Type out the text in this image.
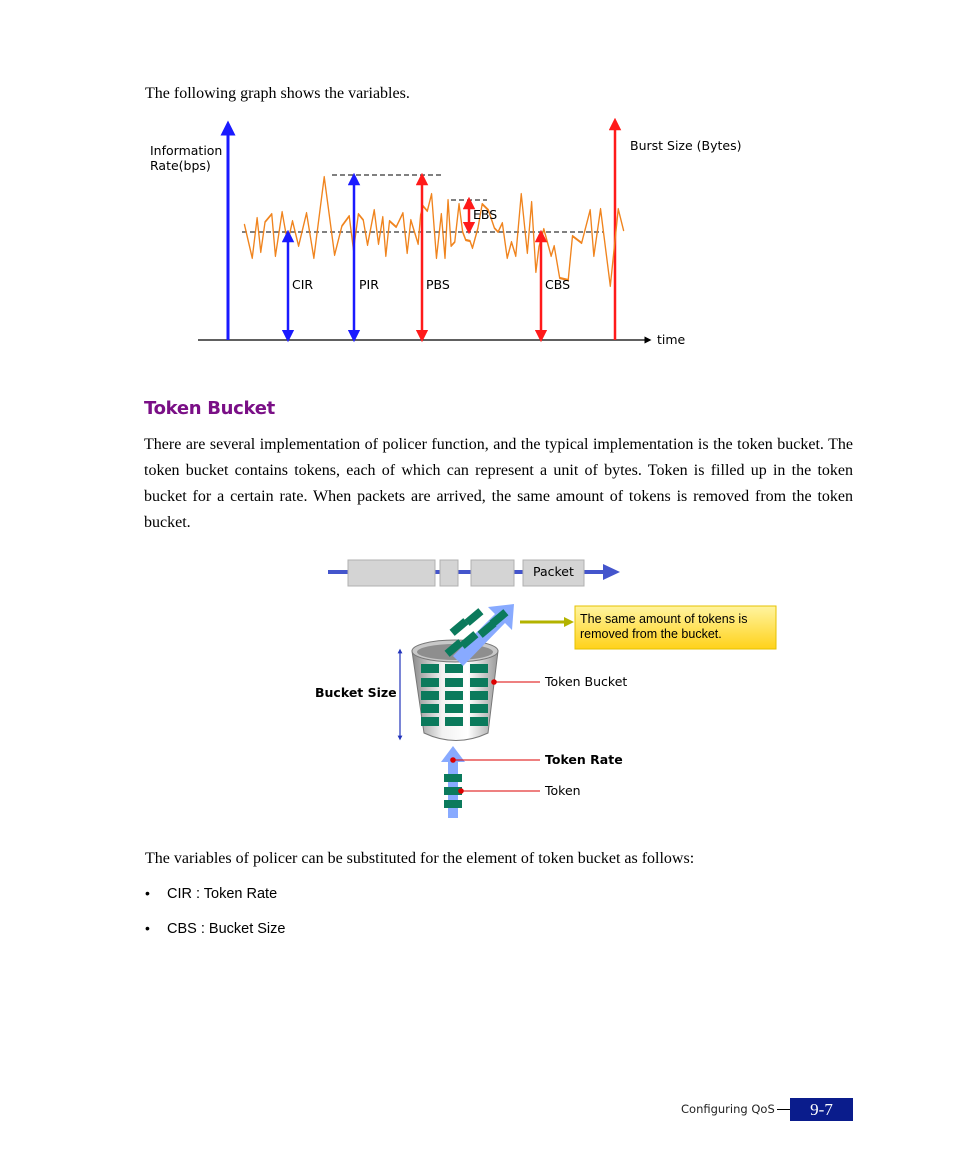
The following graph shows the variables.
time
Information
Rate(bps)
Burst Size (Bytes)
CIR	PIR	PBS
EBS
CBS
Token Bucket
There are several implementation of policer function, and the typical implementation is the token bucket. The token bucket contains tokens, each of which can represent a unit of bytes. Token is filled up in the token bucket for a certain rate. When packets are arrived, the same amount of tokens is removed from the token bucket.
Packet
The same amount of tokens is
removed from the bucket.
Bucket Size
Token Bucket
Token Rate
Token
The variables of policer can be substituted for the element of token bucket as follows:
• CIR : Token Rate
• CBS : Bucket Size
Configuring QoS	9-7
